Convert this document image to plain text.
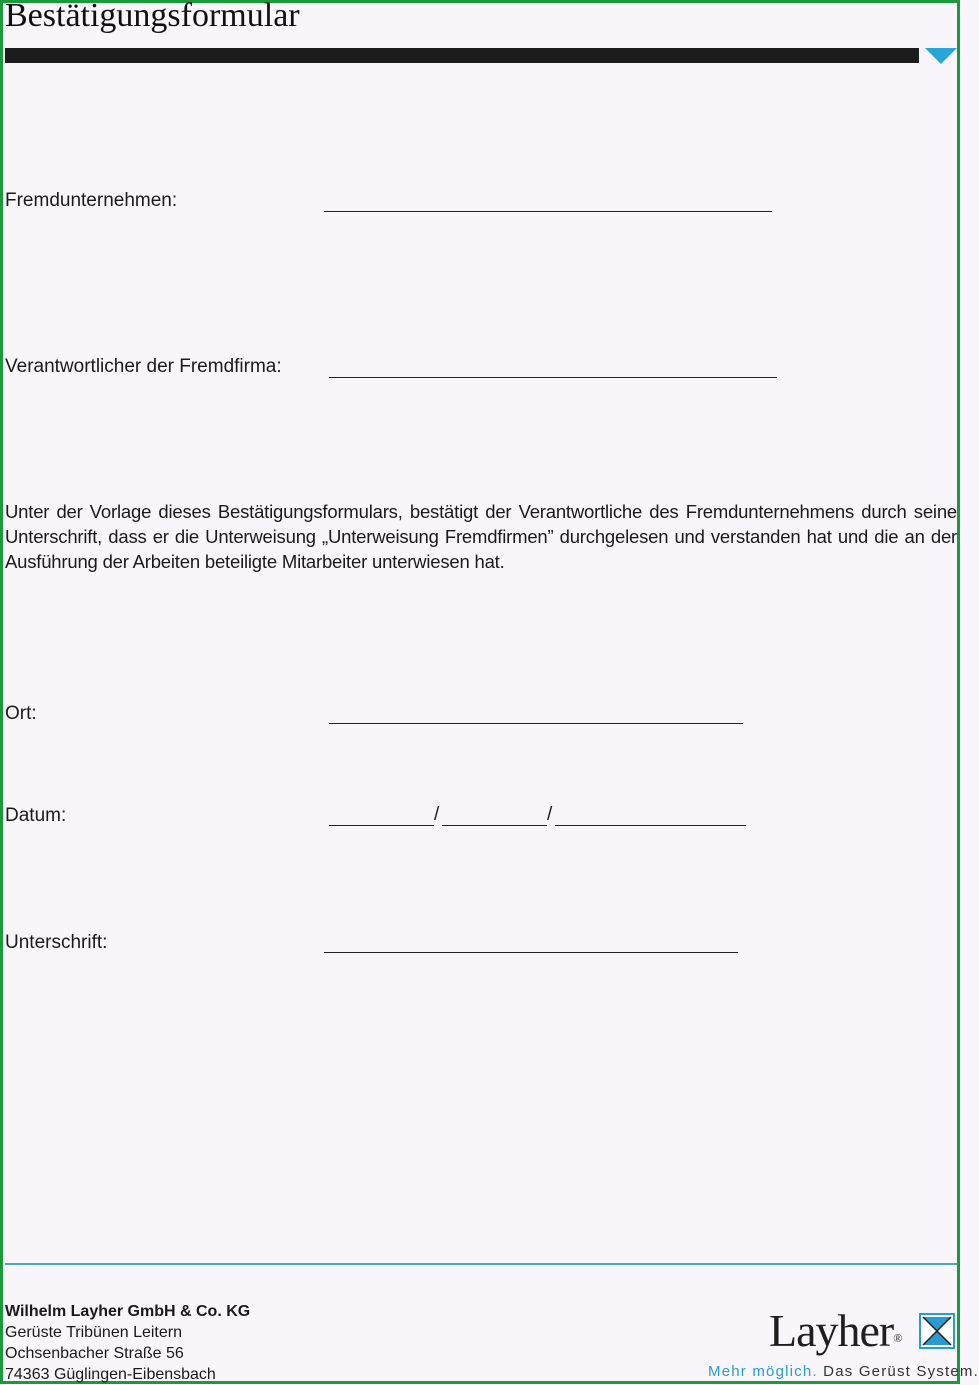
Bestätigungsformular
Fremdunternehmen:
Verantwortlicher der Fremdfirma:

Unter der Vorlage dieses Bestätigungsformulars, bestätigt der Verantwortliche des Fremdunternehmens durch seine Unterschrift, dass er die Unterweisung „Unterweisung Fremdfirmen” durchgelesen und verstanden hat und die an der Ausführung der Arbeiten beteiligte Mitarbeiter unterwiesen hat.

Ort:
Datum:	/	/
Unterschrift:
Wilhelm Layher GmbH & Co. KG
Gerüste Tribünen Leitern
Ochsenbacher Straße 56
74363 Güglingen-Eibensbach
Layher®
Mehr möglich. Das Gerüst System.
